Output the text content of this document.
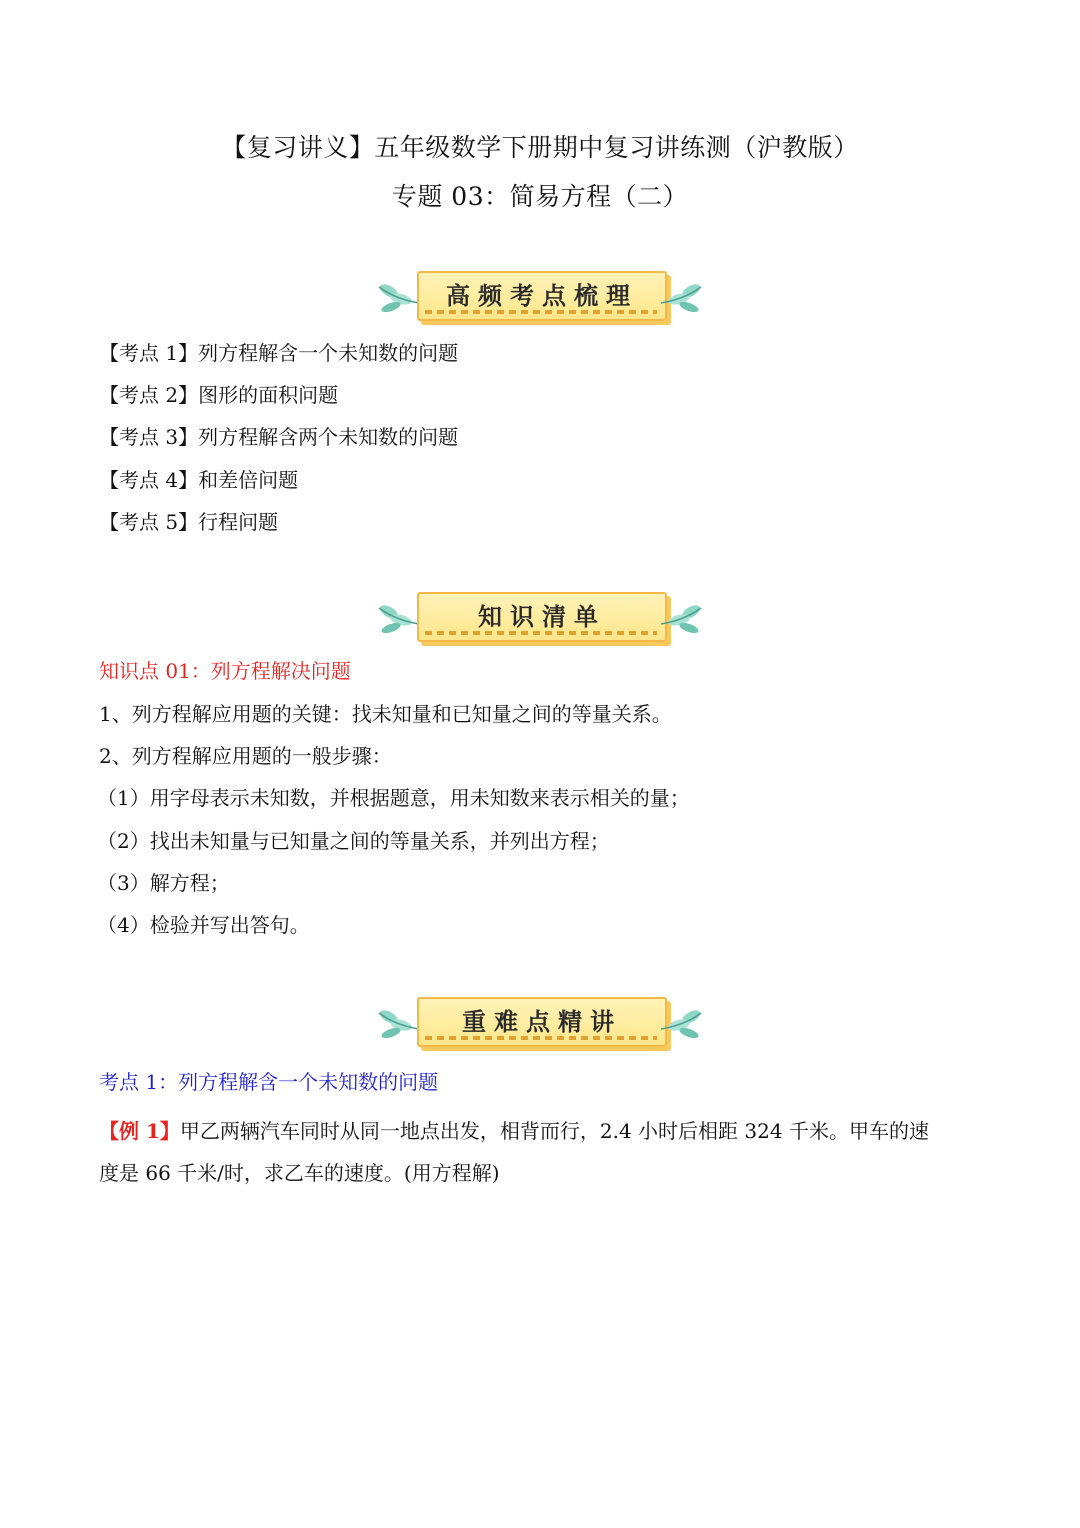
【复习讲义】五年级数学下册期中复习讲练测（沪教版）
专题 03：简易方程（二）
高频考点梳理
【考点 1】列方程解含一个未知数的问题
【考点 2】图形的面积问题
【考点 3】列方程解含两个未知数的问题
【考点 4】和差倍问题
【考点 5】行程问题
知识清单
知识点 01：列方程解决问题
1、列方程解应用题的关键：找未知量和已知量之间的等量关系。
2、列方程解应用题的一般步骤：
（1）用字母表示未知数，并根据题意，用未知数来表示相关的量；
（2）找出未知量与已知量之间的等量关系，并列出方程；
（3）解方程；
（4）检验并写出答句。
重难点精讲
考点 1：列方程解含一个未知数的问题
【例 1】甲乙两辆汽车同时从同一地点出发，相背而行，2.4 小时后相距 324 千米。甲车的速
度是 66 千米/时，求乙车的速度。(用方程解)
